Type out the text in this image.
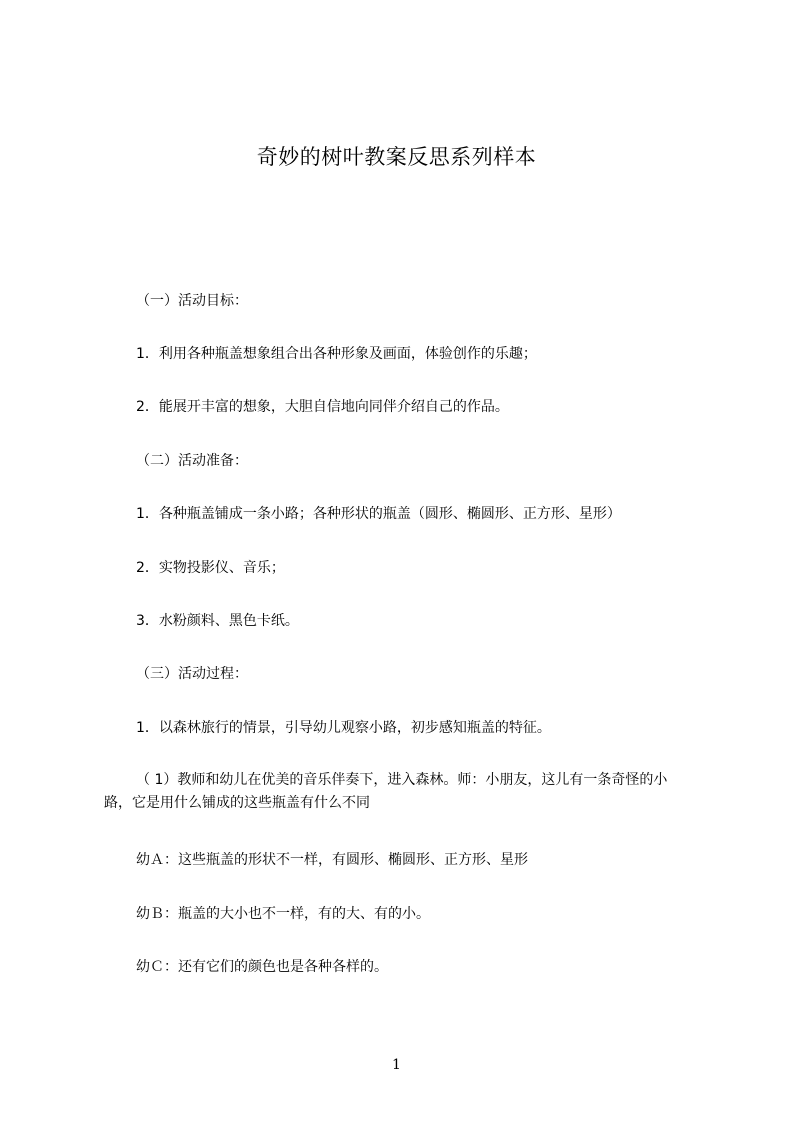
奇妙的树叶教案反思系列样本
（一）活动目标：
1．利用各种瓶盖想象组合出各种形象及画面，体验创作的乐趣；
2．能展开丰富的想象，大胆自信地向同伴介绍自己的作品。
（二）活动准备：
1．各种瓶盖铺成一条小路；各种形状的瓶盖（圆形、椭圆形、正方形、星形）
2．实物投影仪、音乐；
3．水粉颜料、黑色卡纸。
（三）活动过程：
1．以森林旅行的情景，引导幼儿观察小路，初步感知瓶盖的特征。
（ 1）教师和幼儿在优美的音乐伴奏下，进入森林。师：小朋友，这儿有一条奇怪的小路，它是用什么铺成的这些瓶盖有什么不同
幼Ａ：这些瓶盖的形状不一样，有圆形、椭圆形、正方形、星形
幼Ｂ：瓶盖的大小也不一样，有的大、有的小。
幼Ｃ：还有它们的颜色也是各种各样的。
1
